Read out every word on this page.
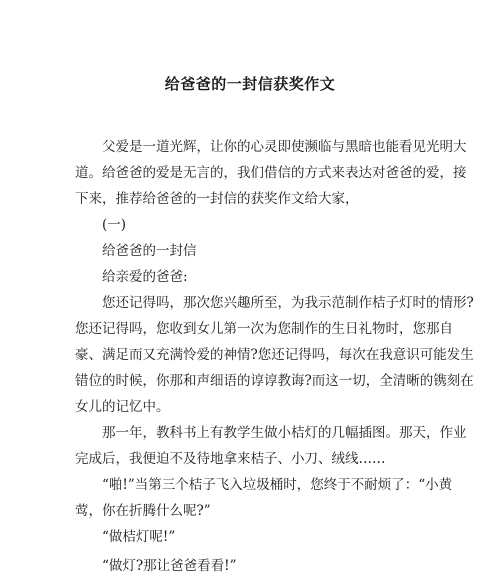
给爸爸的一封信获奖作文

父爱是一道光辉，让你的心灵即使濒临与黑暗也能看见光明大

道。给爸爸的爱是无言的，我们借信的方式来表达对爸爸的爱，接

下来，推荐给爸爸的一封信的获奖作文给大家，

(一)

给爸爸的一封信

给亲爱的爸爸:

您还记得吗，那次您兴趣所至，为我示范制作桔子灯时的情形?

您还记得吗，您收到女儿第一次为您制作的生日礼物时，您那自

豪、满足而又充满怜爱的神情?您还记得吗，每次在我意识可能发生

错位的时候，你那和声细语的谆谆教诲?而这一切，全清晰的镌刻在

女儿的记忆中。

那一年，教科书上有教学生做小桔灯的几幅插图。那天，作业

完成后，我便迫不及待地拿来桔子、小刀、绒线……

“啪!”当第三个桔子飞入垃圾桶时，您终于不耐烦了：“小黄

莺，你在折腾什么呢?”

“做桔灯呢!”

“做灯?那让爸爸看看!”
